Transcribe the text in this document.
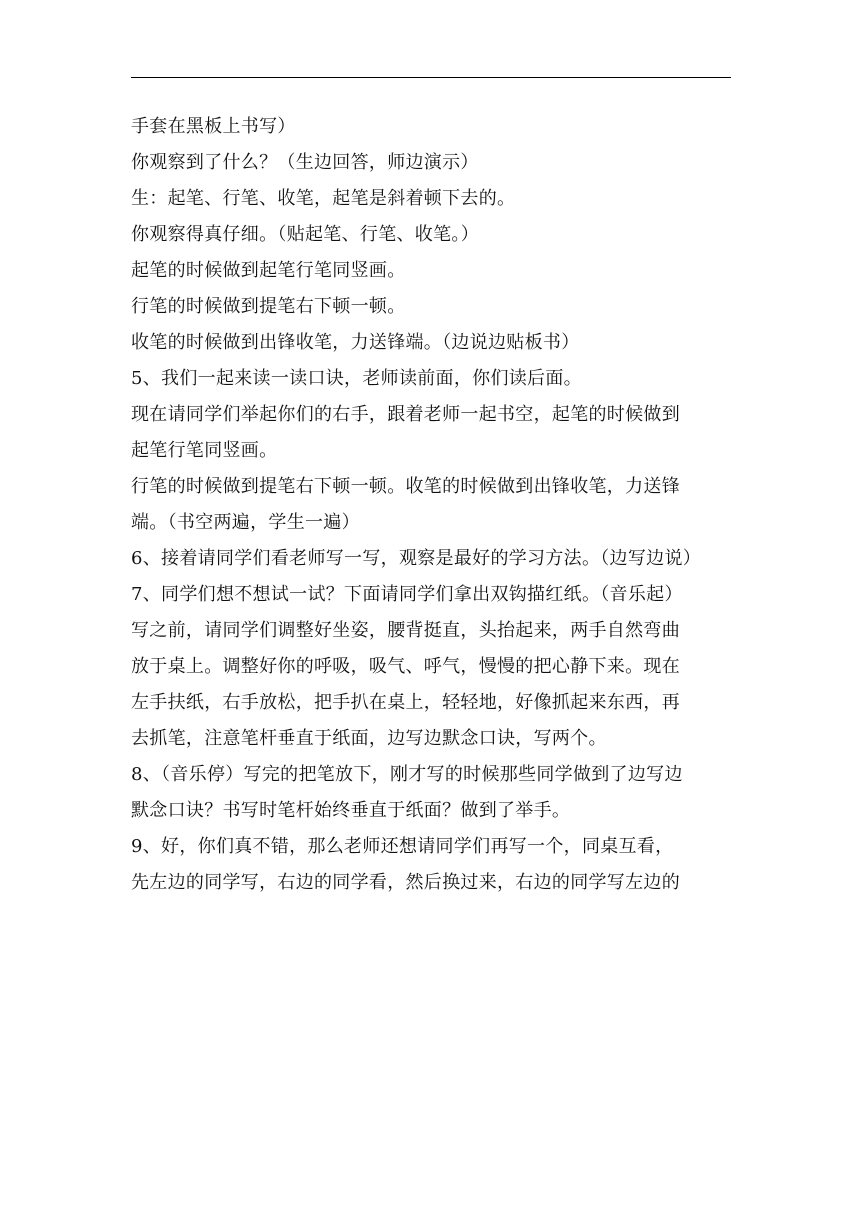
手套在黑板上书写）
你观察到了什么？（生边回答，师边演示）
生：起笔、行笔、收笔，起笔是斜着顿下去的。
你观察得真仔细。（贴起笔、行笔、收笔。）
起笔的时候做到起笔行笔同竖画。
行笔的时候做到提笔右下顿一顿。
收笔的时候做到出锋收笔，力送锋端。（边说边贴板书）
5、我们一起来读一读口诀，老师读前面，你们读后面。
现在请同学们举起你们的右手，跟着老师一起书空，起笔的时候做到
起笔行笔同竖画。
行笔的时候做到提笔右下顿一顿。收笔的时候做到出锋收笔，力送锋
端。（书空两遍，学生一遍）
6、接着请同学们看老师写一写，观察是最好的学习方法。（边写边说）
7、同学们想不想试一试？下面请同学们拿出双钩描红纸。（音乐起）
写之前，请同学们调整好坐姿，腰背挺直，头抬起来，两手自然弯曲
放于桌上。调整好你的呼吸，吸气、呼气，慢慢的把心静下来。现在
左手扶纸，右手放松，把手扒在桌上，轻轻地，好像抓起来东西，再
去抓笔，注意笔杆垂直于纸面，边写边默念口诀，写两个。
8、（音乐停）写完的把笔放下，刚才写的时候那些同学做到了边写边
默念口诀？书写时笔杆始终垂直于纸面？做到了举手。
9、好，你们真不错，那么老师还想请同学们再写一个，同桌互看，
先左边的同学写，右边的同学看，然后换过来，右边的同学写左边的
